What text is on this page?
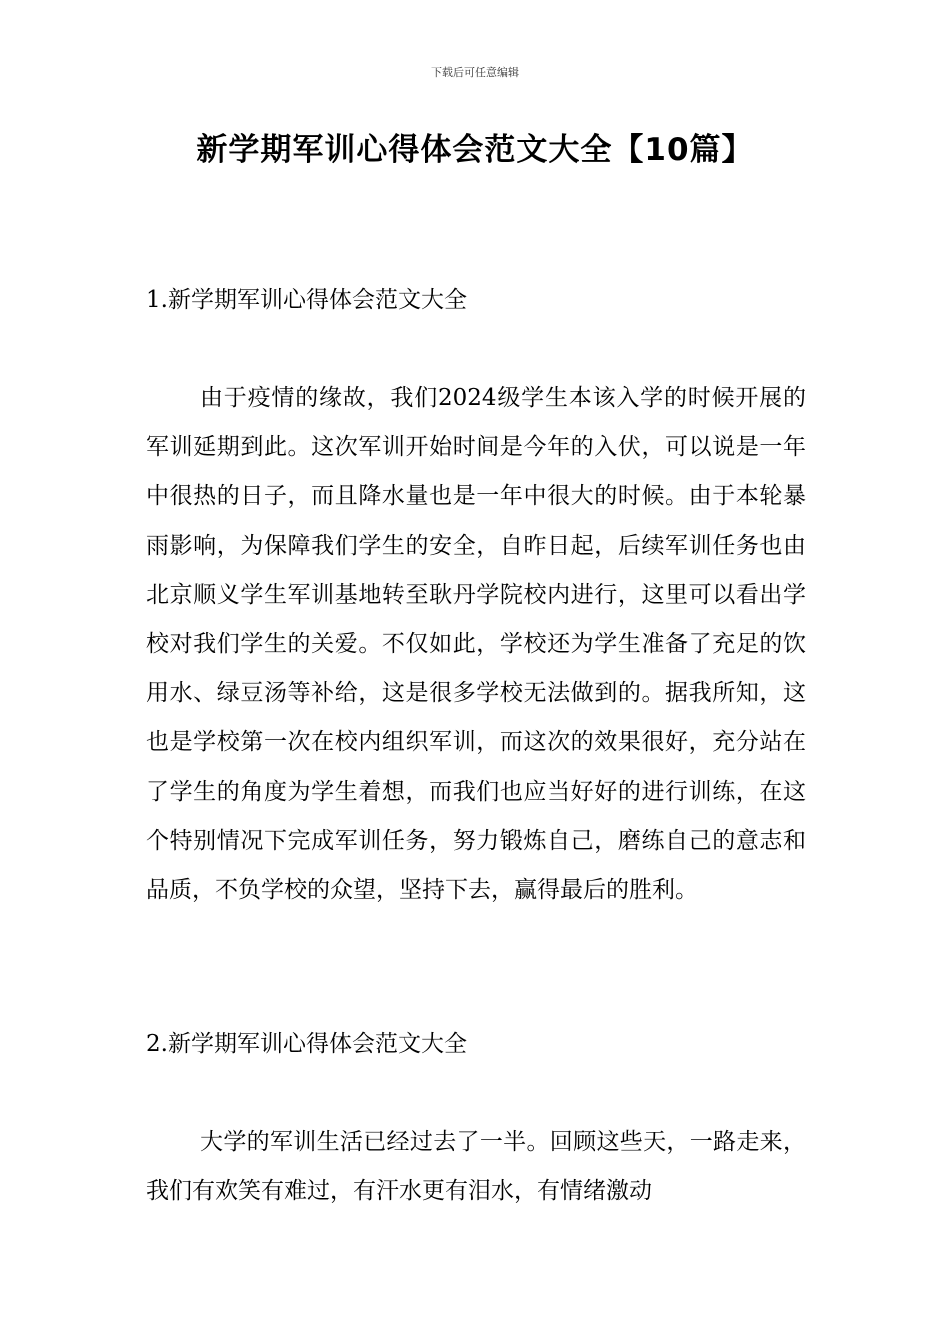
下载后可任意编辑
新学期军训心得体会范文大全【10篇】
1.新学期军训心得体会范文大全

由于疫情的缘故，我们2024级学生本该入学的时候开展的军训延期到此。这次军训开始时间是今年的入伏，可以说是一年中很热的日子，而且降水量也是一年中很大的时候。由于本轮暴雨影响，为保障我们学生的安全，自昨日起，后续军训任务也由北京顺义学生军训基地转至耿丹学院校内进行，这里可以看出学校对我们学生的关爱。不仅如此，学校还为学生准备了充足的饮用水、绿豆汤等补给，这是很多学校无法做到的。据我所知，这也是学校第一次在校内组织军训，而这次的效果很好，充分站在了学生的角度为学生着想，而我们也应当好好的进行训练，在这个特别情况下完成军训任务，努力锻炼自己，磨练自己的意志和品质，不负学校的众望，坚持下去，赢得最后的胜利。

2.新学期军训心得体会范文大全

大学的军训生活已经过去了一半。回顾这些天，一路走来，我们有欢笑有难过，有汗水更有泪水，有情绪激动
